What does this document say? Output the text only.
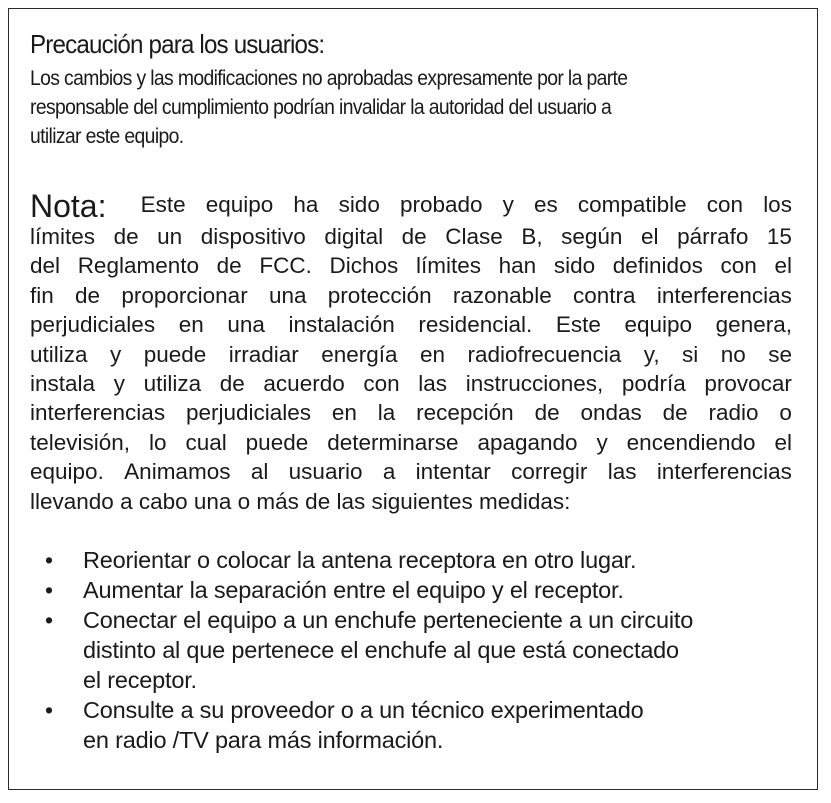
Precaución para los usuarios:

Los cambios y las modificaciones no aprobadas expresamente por la parte
responsable del cumplimiento podrían invalidar la autoridad del usuario a
utilizar este equipo.

Nota: Este equipo ha sido probado y es compatible con los
límites de un dispositivo digital de Clase B, según el párrafo 15
del Reglamento de FCC. Dichos límites han sido definidos con el
fin de proporcionar una protección razonable contra interferencias
perjudiciales en una instalación residencial. Este equipo genera,
utiliza y puede irradiar energía en radiofrecuencia y, si no se
instala y utiliza de acuerdo con las instrucciones, podría provocar
interferencias perjudiciales en la recepción de ondas de radio o
televisión, lo cual puede determinarse apagando y encendiendo el
equipo. Animamos al usuario a intentar corregir las interferencias
llevando a cabo una o más de las siguientes medidas:
• Reorientar o colocar la antena receptora en otro lugar.
• Aumentar la separación entre el equipo y el receptor.
• Conectar el equipo a un enchufe perteneciente a un circuito
distinto al que pertenece el enchufe al que está conectado
el receptor.
• Consulte a su proveedor o a un técnico experimentado
en radio /TV para más información.
